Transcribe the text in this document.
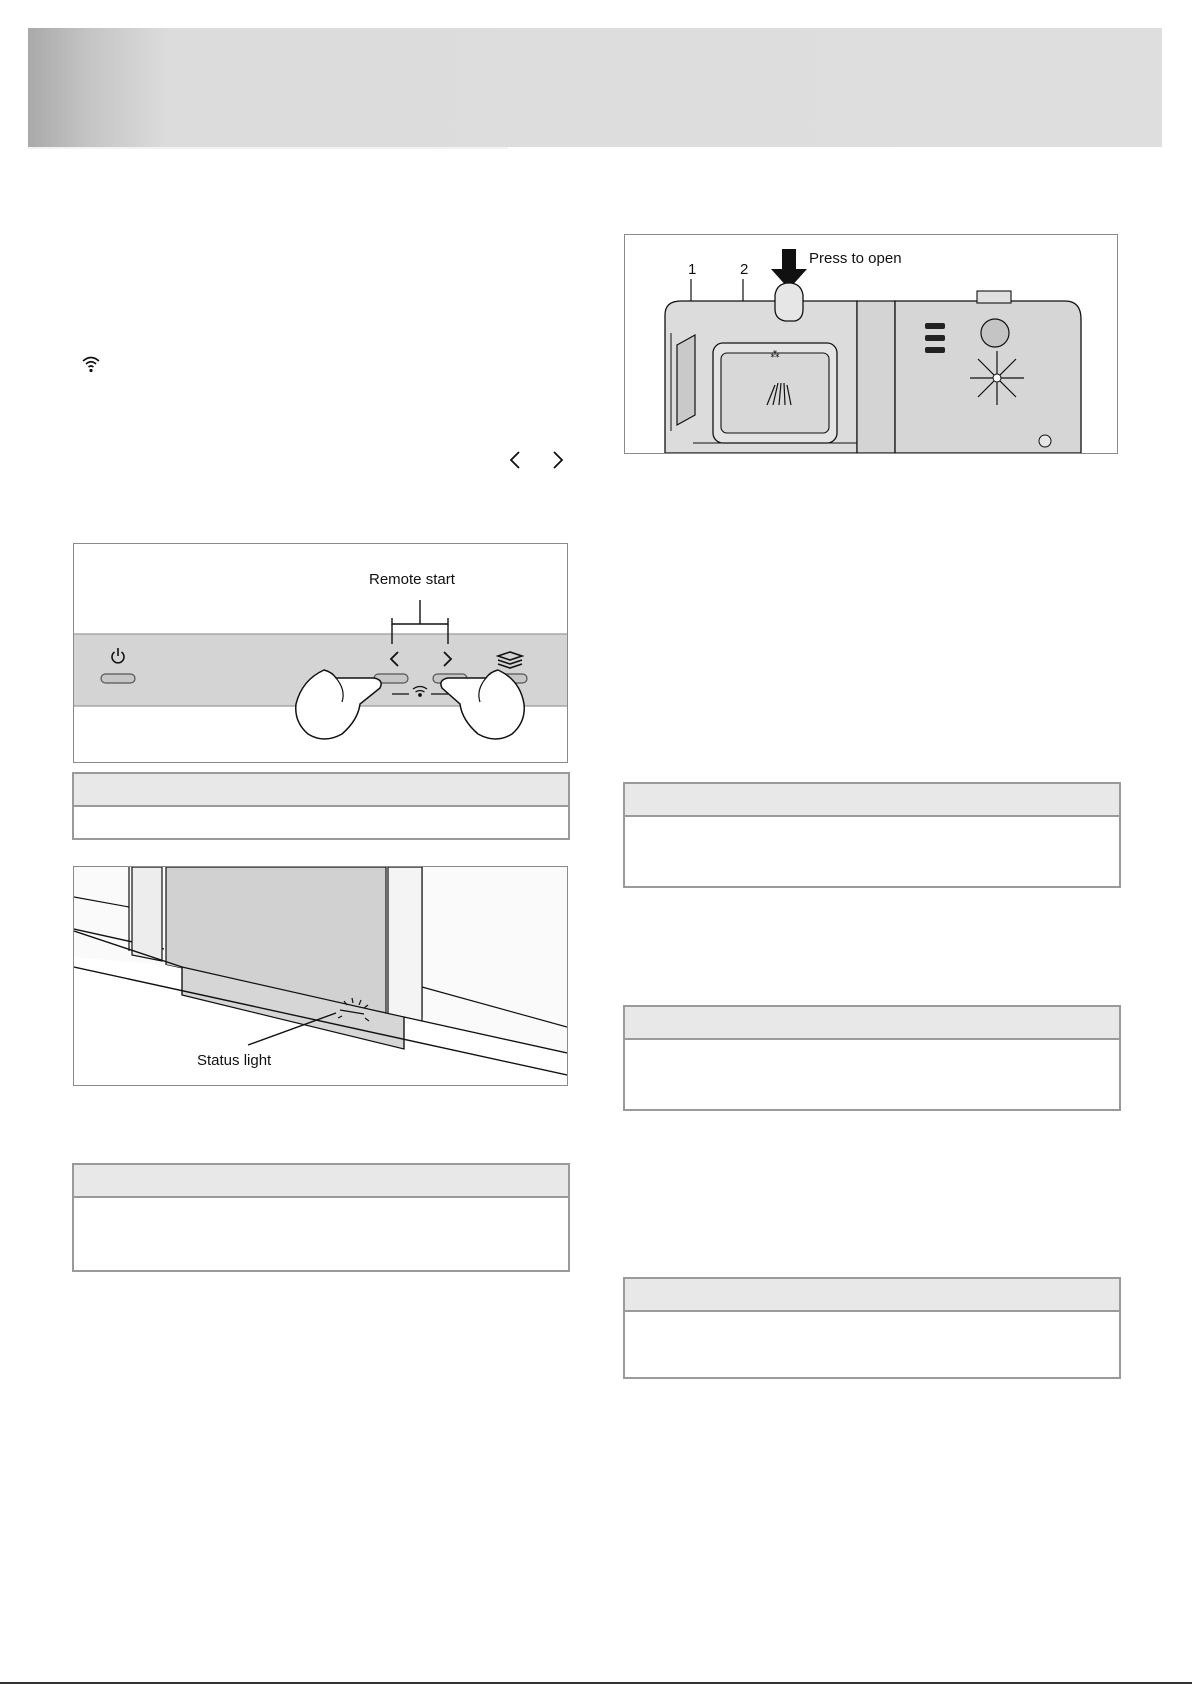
Remote start
Status light
⁂
1	2
Press to open
